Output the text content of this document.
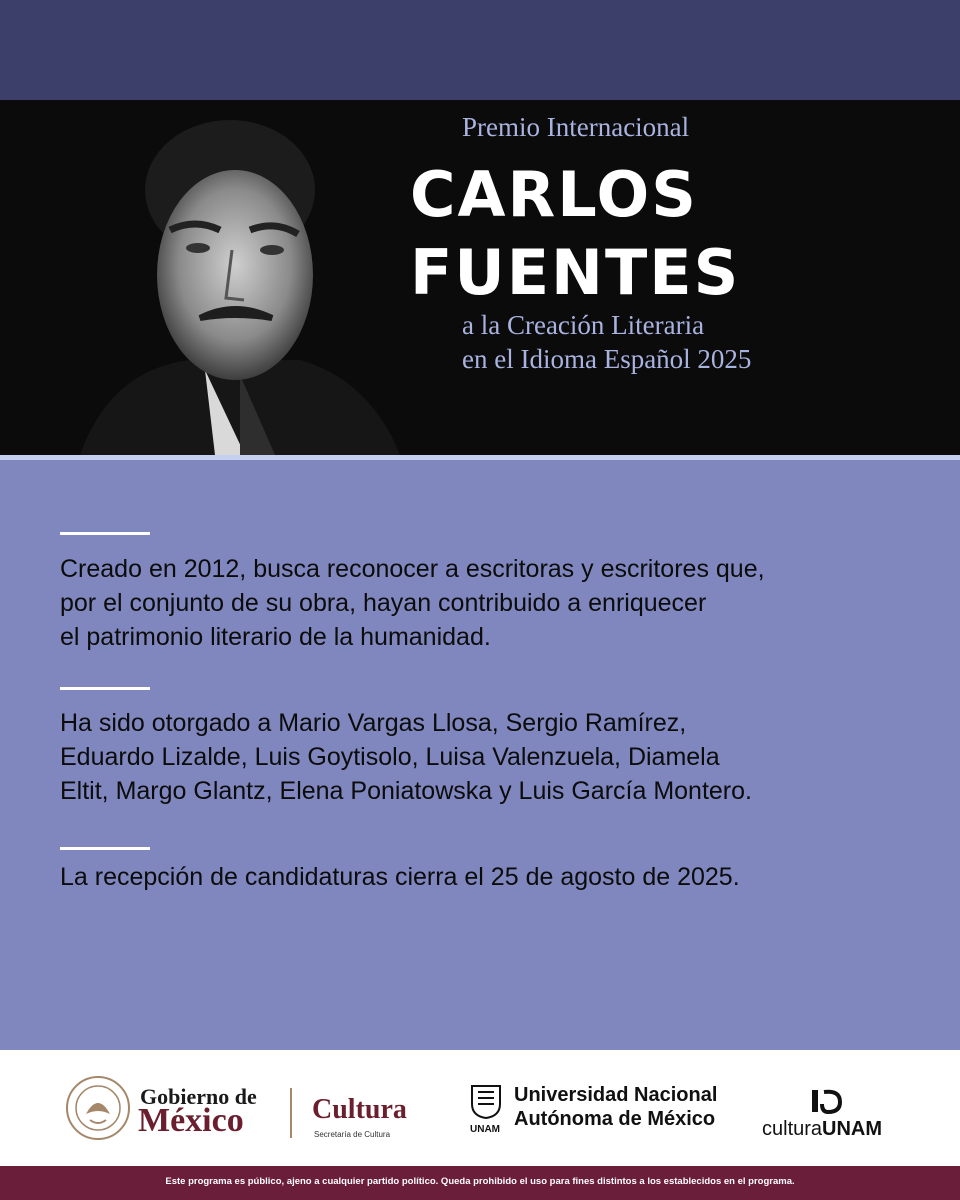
Premio Internacional
CARLOS
FUENTES
a la Creación Literaria
en el Idioma Español 2025
Creado en 2012, busca reconocer a escritoras y escritores que,
por el conjunto de su obra, hayan contribuido a enriquecer
el patrimonio literario de la humanidad.
Ha sido otorgado a Mario Vargas Llosa, Sergio Ramírez,
Eduardo Lizalde, Luis Goytisolo, Luisa Valenzuela, Diamela
Eltit, Margo Glantz, Elena Poniatowska y Luis García Montero.
La recepción de candidaturas cierra el 25 de agosto de 2025.
Gobierno de
México Cultura
Secretaría de Cultura	UNAM
Universidad Nacional
Autónoma de México culturaUNAM
Este programa es público, ajeno a cualquier partido político. Queda prohibido el uso para fines distintos a los establecidos en el programa.
